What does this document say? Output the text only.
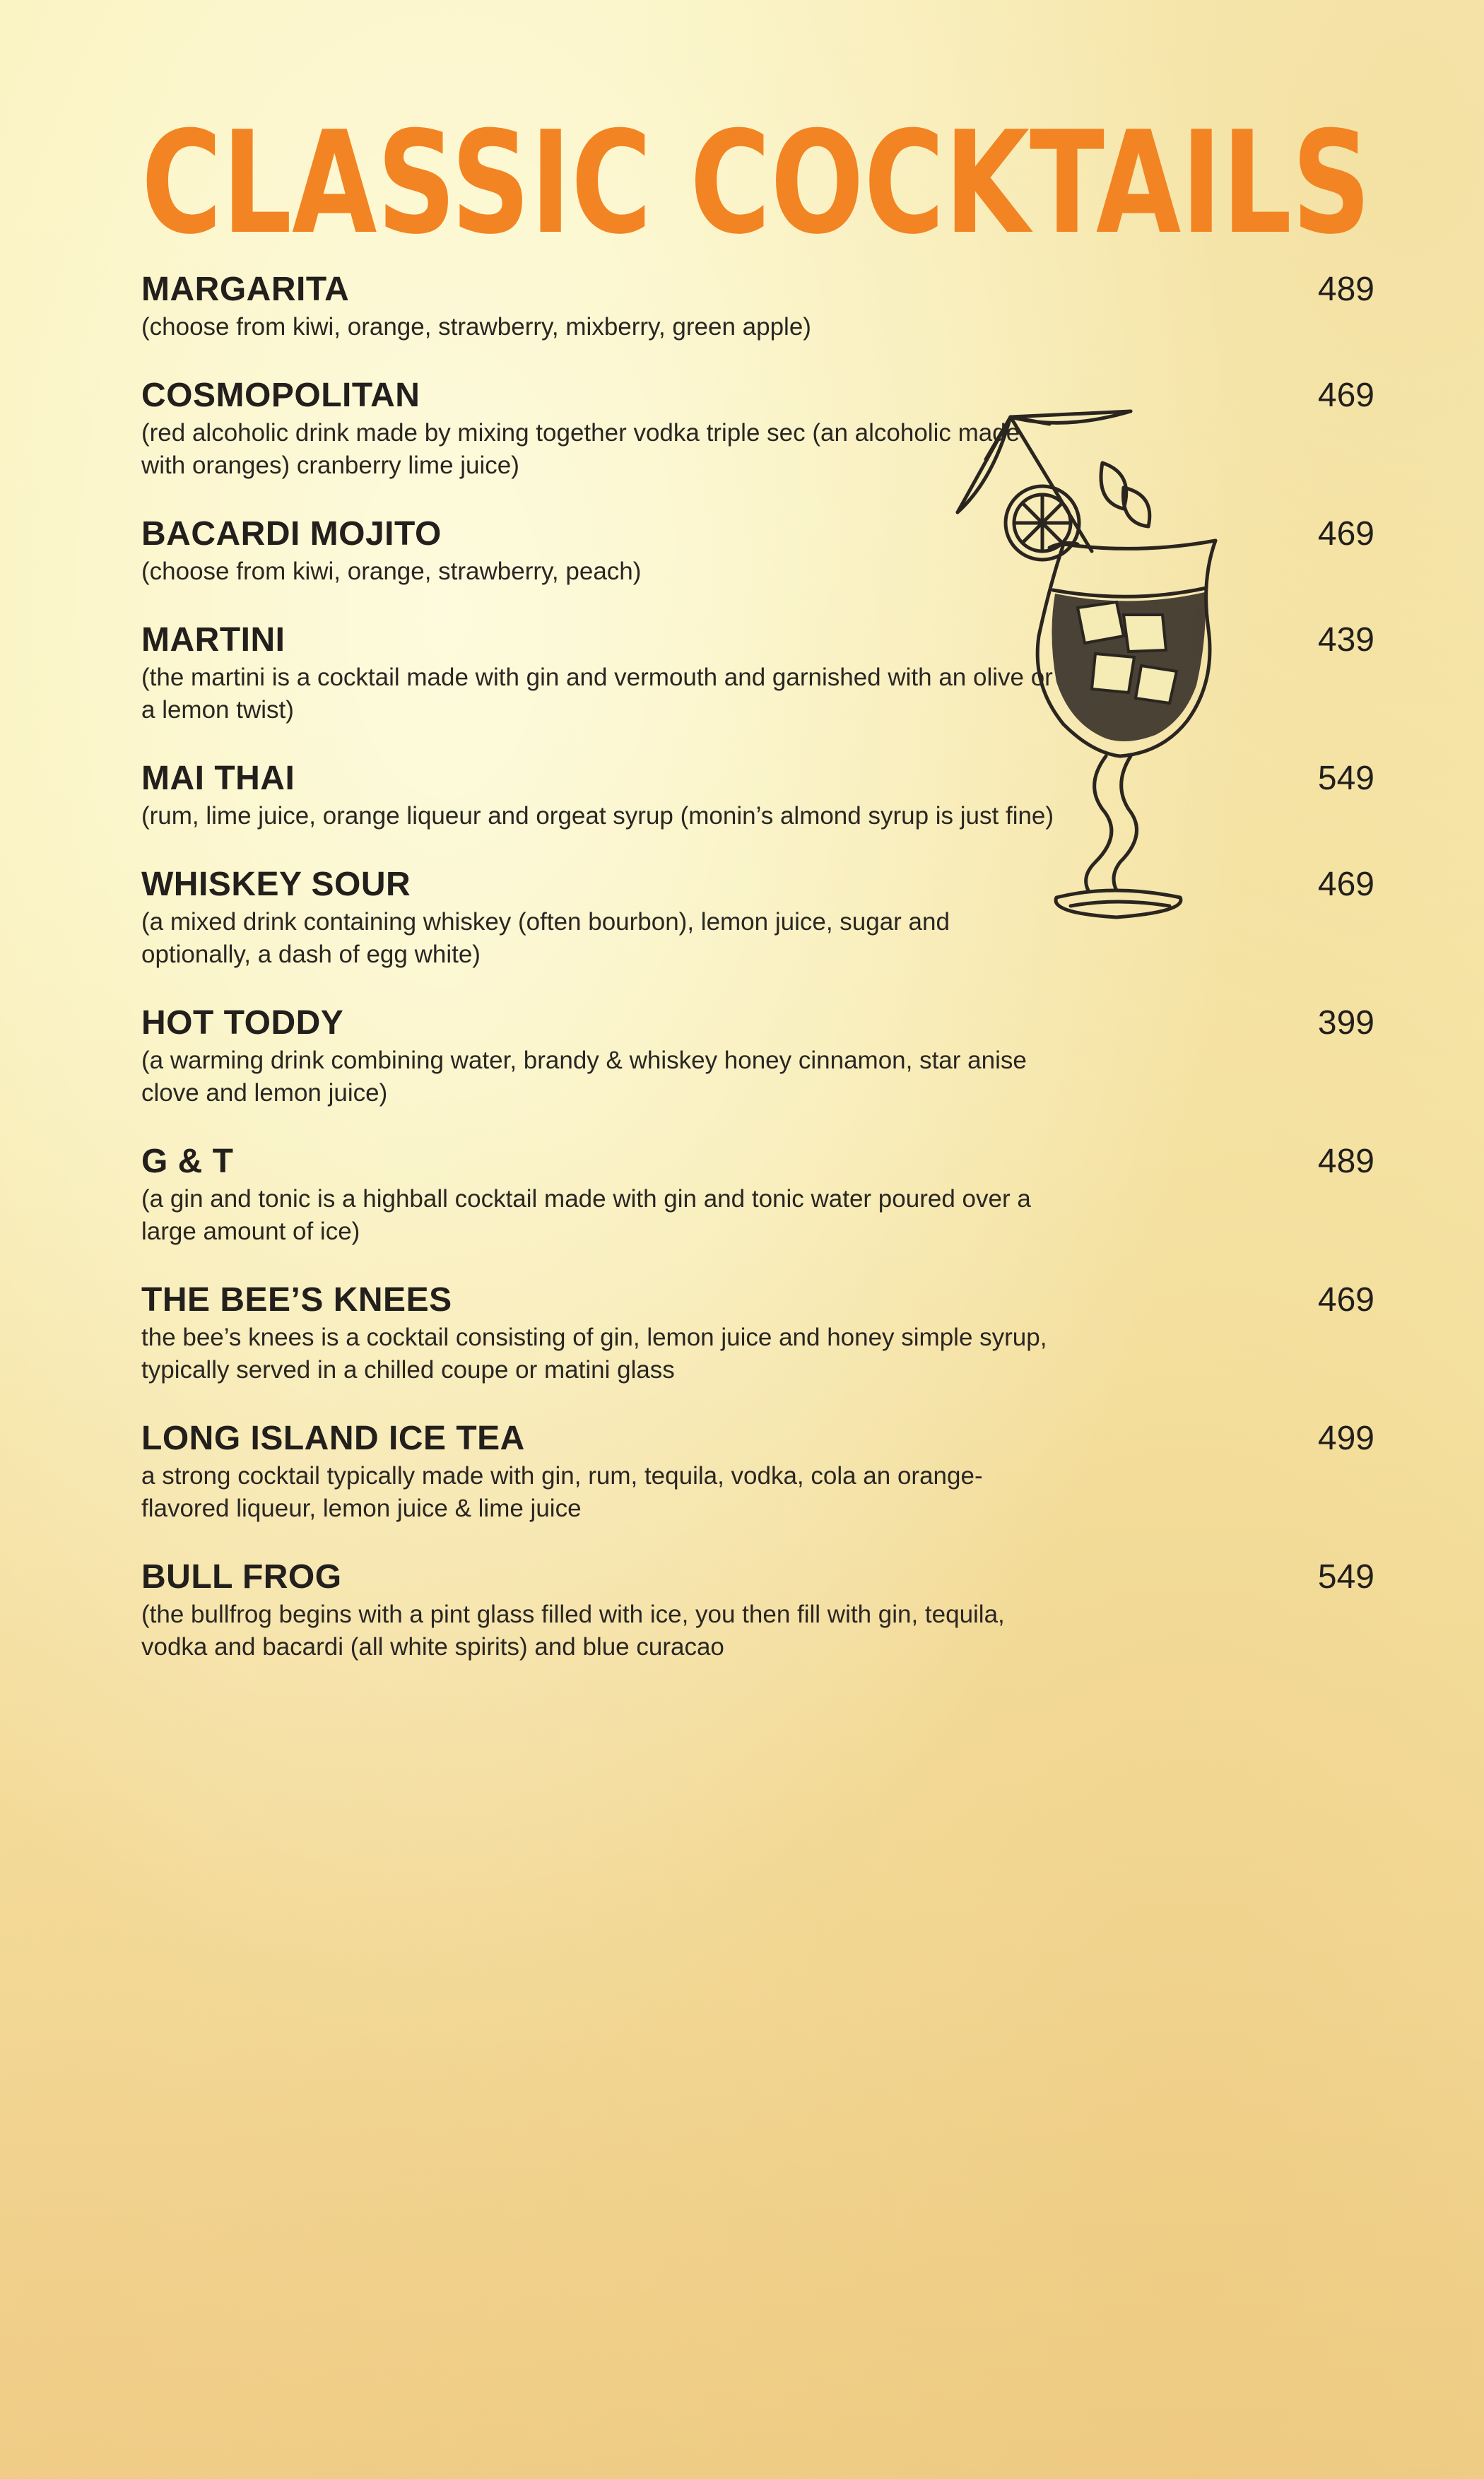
CLASSIC COCKTAILS
MARGARITA
(choose from kiwi, orange, strawberry, mixberry, green apple)
489
COSMOPOLITAN
(red alcoholic drink made by mixing together vodka triple sec (an alcoholic made with oranges) cranberry lime juice)
469
BACARDI MOJITO
(choose from kiwi, orange, strawberry, peach)
469
MARTINI
(the martini is a cocktail made with gin and vermouth and garnished with an olive or a lemon twist)
439
MAI THAI
(rum, lime juice, orange liqueur and orgeat syrup (monin’s almond syrup is just fine)
549
WHISKEY SOUR
(a mixed drink containing whiskey (often bourbon), lemon juice, sugar and optionally, a dash of egg white)
469
HOT TODDY
(a warming drink combining water, brandy & whiskey honey cinnamon, star anise clove and lemon juice)
399
G & T
(a gin and tonic is a highball cocktail made with gin and tonic water poured over a large amount of ice)
489
THE BEE’S KNEES
the bee’s knees is a cocktail consisting of gin, lemon juice and honey simple syrup, typically served in a chilled coupe or matini glass
469
LONG ISLAND ICE TEA
a strong cocktail typically made with gin, rum, tequila, vodka, cola an orange-flavored liqueur, lemon juice & lime juice
499
BULL FROG
(the bullfrog begins with a pint glass filled with ice, you then fill with gin, tequila, vodka and bacardi (all white spirits) and blue curacao
549
